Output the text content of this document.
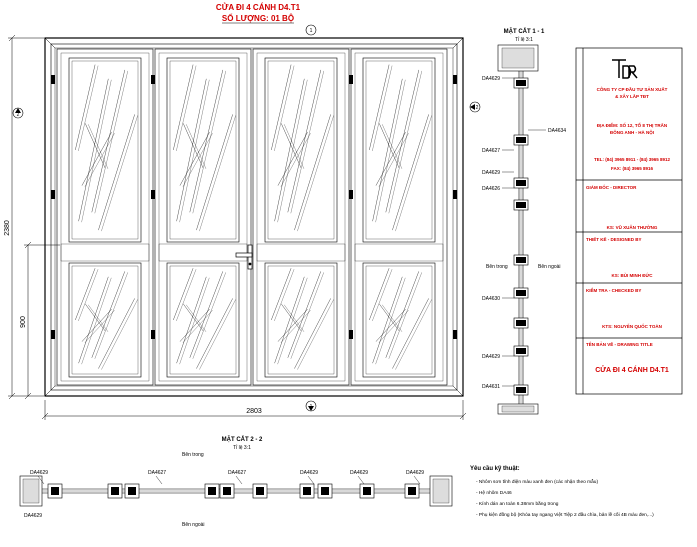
CỬA ĐI 4 CÁNH D4.T1
SỐ LƯỢNG: 01 BỘ
2380
900
2803
2
2
1
1	MẶT CẮT 1 - 1
Tỉ lệ 3:1
DA4629
DA4634
DA4627
DA4629
DA4626
DA4630
DA4629
DA4631
Bên trong	Bên ngoài
CÔNG TY CP ĐẦU TƯ SẢN XUẤT
& XÂY LẮP TĐT
ĐỊA ĐIỂM: SỐ 12, TỔ 8 THỊ TRẤN
ĐÔNG ANH - HÀ NỘI
TEL: (84) 3965 8911 - (84) 3965 8912
FAX: (84) 3965 8916
GIÁM ĐỐC - DIRECTOR
KS: VŨ XUÂN THƯỜNG
THIẾT KẾ - DESIGNED BY
KS: BÙI MINH ĐỨC
KIỂM TRA - CHECKED BY
KTS: NGUYỄN QUỐC TOÀN
TÊN BẢN VẼ - DRAWING TITLE
CỬA ĐI 4 CÁNH D4.T1
MẶT CẮT 2 - 2
Tỉ lệ 3:1
Bên trong
Bên ngoài
DA4629	DA4627	DA4627	DA4629	DA4629	DA4629
DA4629
Yêu cầu kỹ thuật:
- Nhôm sơn tĩnh điện màu xanh đen (các nhận theo mẫu)
- Hệ nhôm DA46
- Kính dán an toàn 6.38mm bằng trong
- Phụ kiện đồng bộ (Khóa tay ngang Việt Tiệp 2 đầu chìa, bản lề cối 4B màu đen,...)
